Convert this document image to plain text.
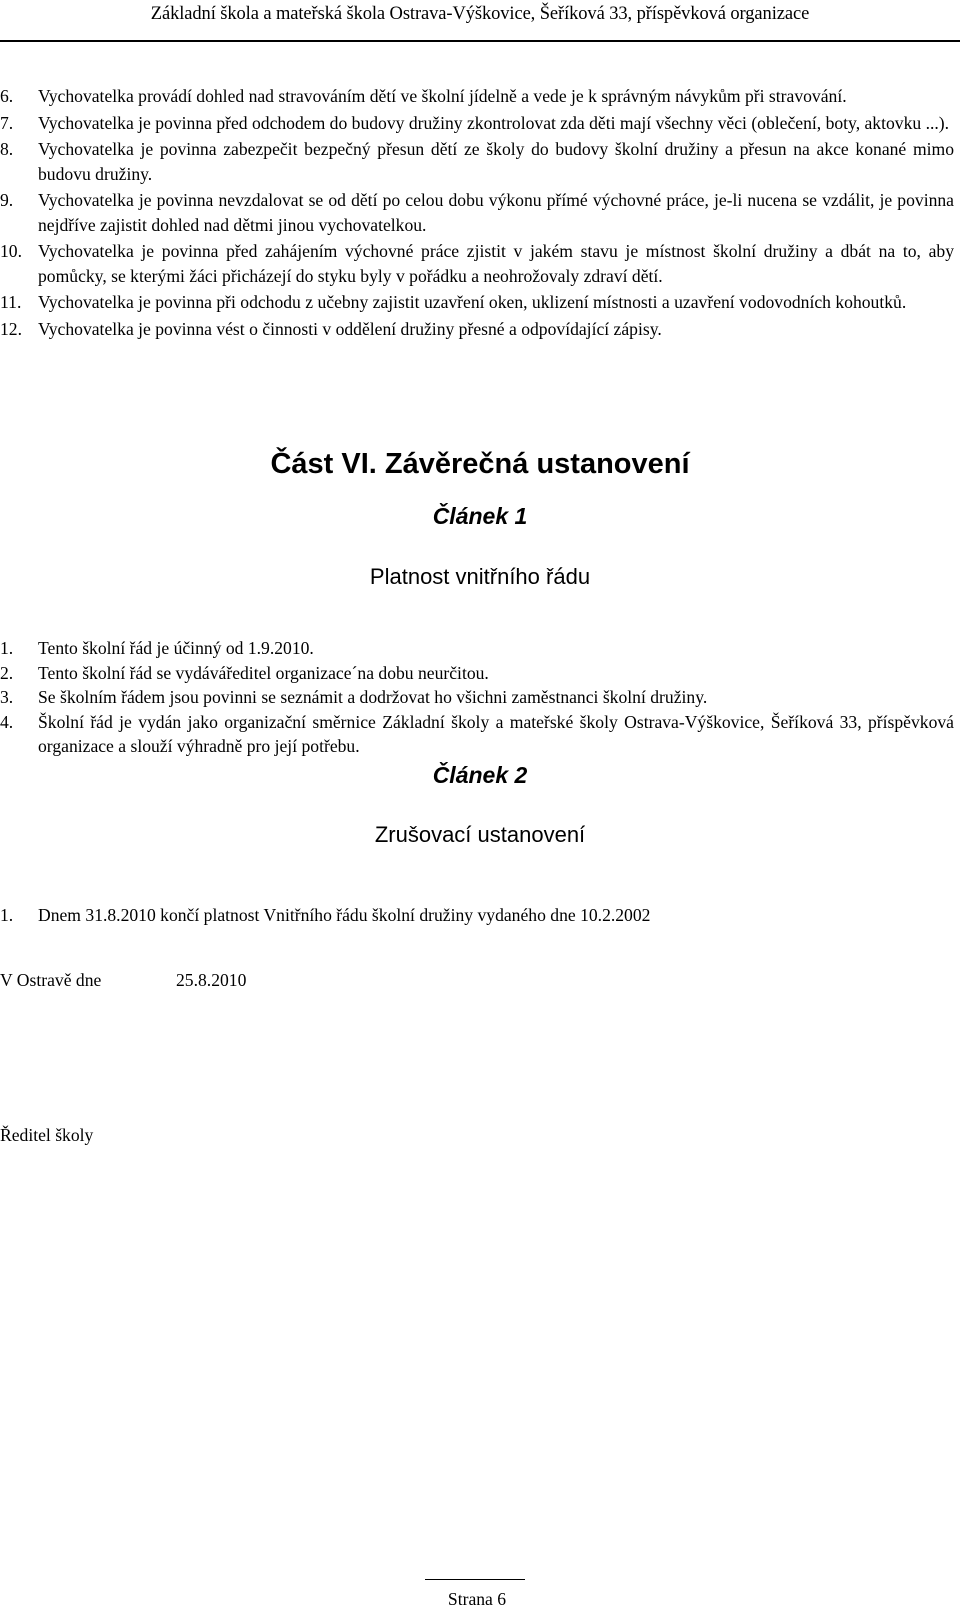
Základní škola a mateřská škola Ostrava-Výškovice, Šeříková 33, příspěvková organizace
6.	Vychovatelka provádí dohled nad stravováním dětí ve školní jídelně a vede je k správným návykům při stravování.
7.	Vychovatelka je povinna před odchodem do budovy družiny zkontrolovat zda děti mají všechny věci (oblečení, boty, aktovku ...).
8.	Vychovatelka je povinna zabezpečit bezpečný přesun dětí ze školy do budovy školní družiny a přesun na akce konané mimo budovu družiny.
9.	Vychovatelka je povinna nevzdalovat se od dětí po celou dobu výkonu přímé výchovné práce, je-li nucena se vzdálit, je povinna nejdříve zajistit dohled nad dětmi jinou vychovatelkou.
10. Vychovatelka je povinna před zahájením výchovné práce zjistit v jakém stavu je místnost školní družiny a dbát na to, aby pomůcky, se kterými žáci přicházejí do styku byly v pořádku a neohrožovaly zdraví dětí.
11. Vychovatelka je povinna při odchodu z učebny zajistit uzavření oken, uklizení místnosti a uzavření vodovodních kohoutků.
12. Vychovatelka je povinna vést o činnosti v oddělení družiny přesné a odpovídající zápisy.
Část VI. Závěrečná ustanovení
Článek 1
Platnost vnitřního řádu
1.	Tento školní řád je účinný od 1.9.2010.
2.	Tento školní řád se vydáváředitel organizace´na dobu neurčitou.
3.	Se školním řádem jsou povinni se seznámit a dodržovat ho všichni zaměstnanci školní družiny.
4.	Školní řád je vydán jako organizační směrnice Základní školy a mateřské školy Ostrava-Výškovice, Šeříková 33, příspěvková organizace a slouží výhradně pro její potřebu.
Článek 2
Zrušovací ustanovení
1.	Dnem 31.8.2010 končí platnost Vnitřního řádu školní družiny vydaného dne 10.2.2002
V Ostravě dne	25.8.2010
Ředitel školy
Strana 6
